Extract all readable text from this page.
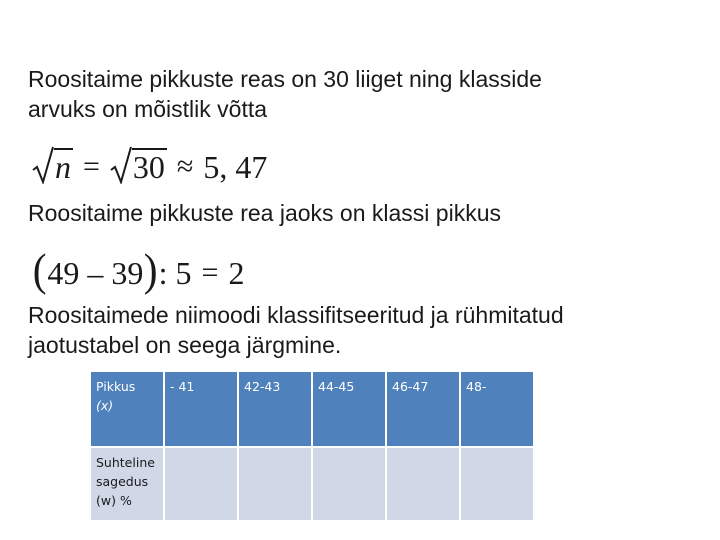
Roositaime pikkuste reas on 30 liiget ning klasside
arvuks on mõistlik võtta

n = 30 ≈ 5, 47

Roositaime pikkuste rea jaoks on klassi pikkus

( 49 – 39 ) : 5 = 2

Roositaimede niimoodi klassifitseeritud ja rühmitatud
jaotustabel on seega järgmine.

Pikkus
(x)	- 41	42-43	44-45	46-47	48-
Suhteline
sagedus
(w) %					
